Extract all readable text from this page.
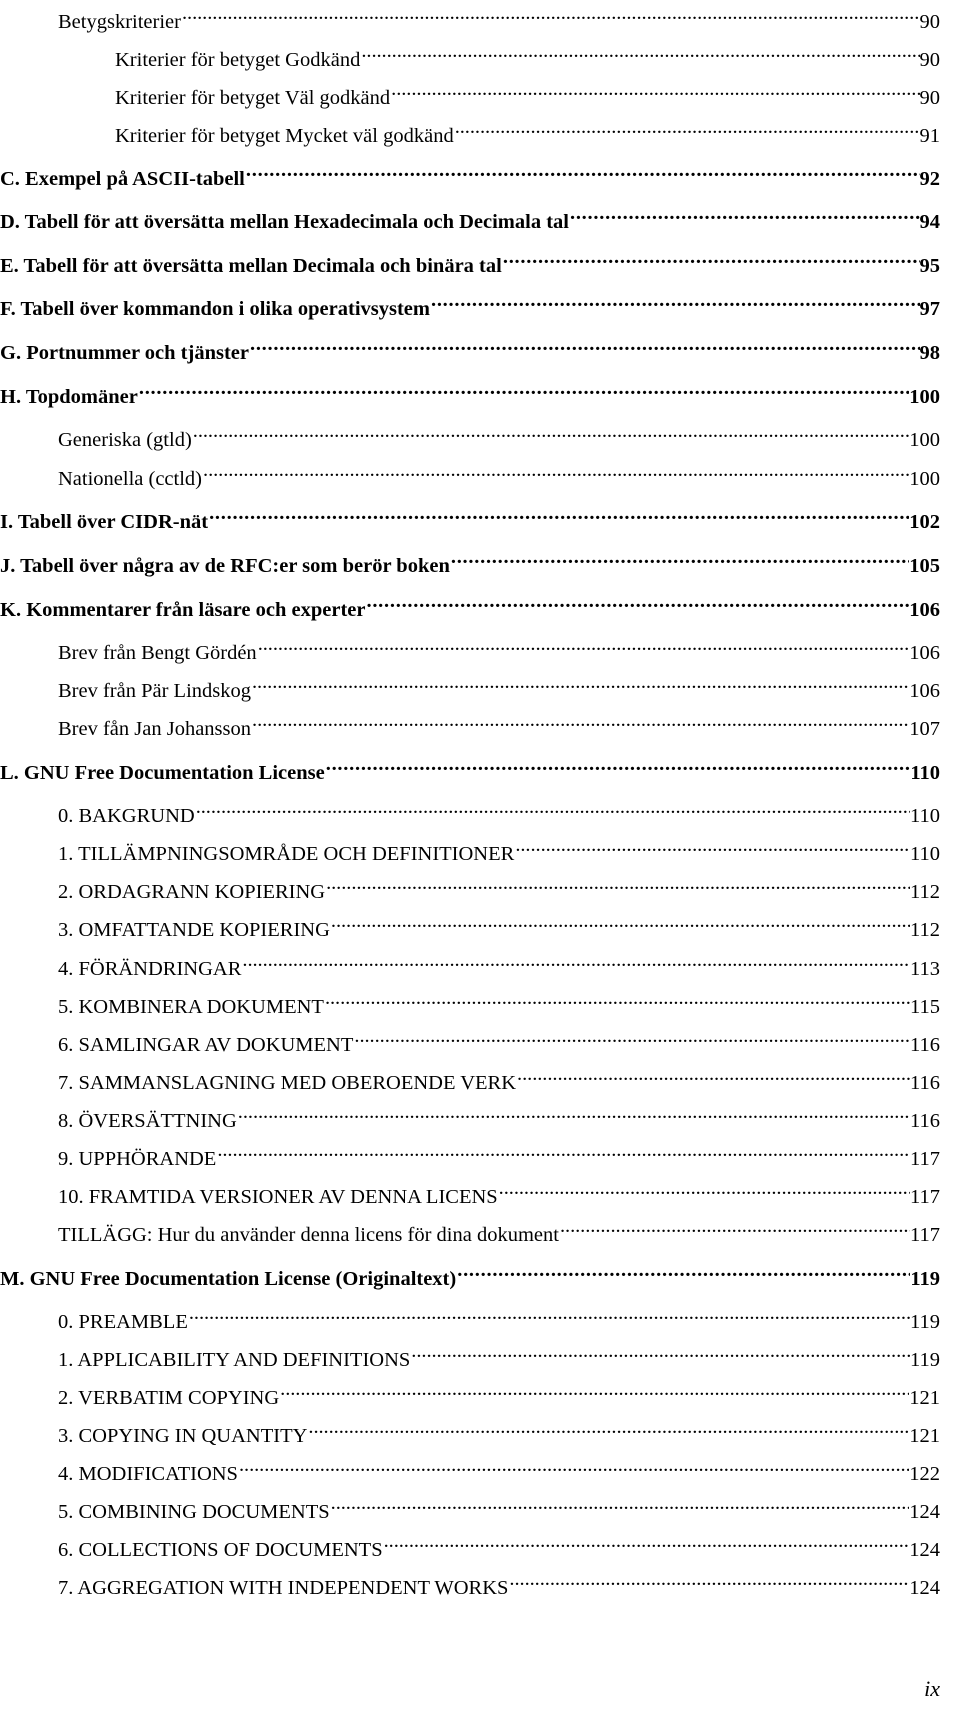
Betygskriterier . . .	90
Kriterier för betyget Godkänd . . .	90
Kriterier för betyget Väl godkänd . . .	90
Kriterier för betyget Mycket väl godkänd . . .	91
C. Exempel på ASCII-tabell . . .	92
D. Tabell för att översätta mellan Hexadecimala och Decimala tal . . .	94
E. Tabell för att översätta mellan Decimala och binära tal . . .	95
F. Tabell över kommandon i olika operativsystem . . .	97
G. Portnummer och tjänster . . .	98
H. Topdomäner . . .	100
Generiska (gtld) . . .	100
Nationella (cctld) . . .	100
I. Tabell över CIDR-nät . . .	102
J. Tabell över några av de RFC:er som berör boken . . .	105
K. Kommentarer från läsare och experter . . .	106
Brev från Bengt Gördén . . .	106
Brev från Pär Lindskog . . .	106
Brev fån Jan Johansson . . .	107
L. GNU Free Documentation License . . .	110
0. BAKGRUND . . .	110
1. TILLÄMPNINGSOMRÅDE OCH DEFINITIONER . . .	110
2. ORDAGRANN KOPIERING . . .	112
3. OMFATTANDE KOPIERING . . .	112
4. FÖRÄNDRINGAR . . .	113
5. KOMBINERA DOKUMENT . . .	115
6. SAMLINGAR AV DOKUMENT . . .	116
7. SAMMANSLAGNING MED OBEROENDE VERK . . .	116
8. ÖVERSÄTTNING . . .	116
9. UPPHÖRANDE . . .	117
10. FRAMTIDA VERSIONER AV DENNA LICENS . . .	117
TILLÄGG: Hur du använder denna licens för dina dokument . . .	117
M. GNU Free Documentation License (Originaltext) . . .	119
0. PREAMBLE . . .	119
1. APPLICABILITY AND DEFINITIONS . . .	119
2. VERBATIM COPYING . . .	121
3. COPYING IN QUANTITY . . .	121
4. MODIFICATIONS . . .	122
5. COMBINING DOCUMENTS . . .	124
6. COLLECTIONS OF DOCUMENTS . . .	124
7. AGGREGATION WITH INDEPENDENT WORKS . . .	124
ix
